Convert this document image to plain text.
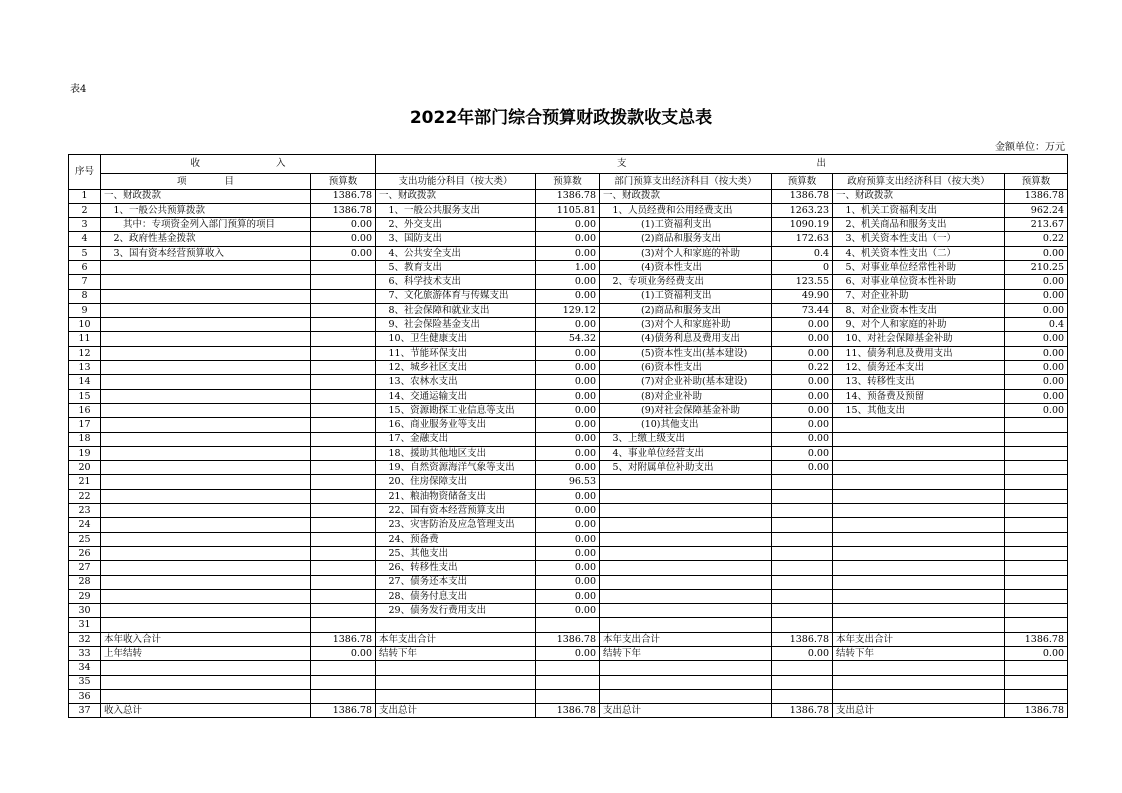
表4
2022年部门综合预算财政拨款收支总表
金额单位：万元
序号	收　　　　　　　　入		支　　　　　　　　　　　　　　　　　　　　出					
	项　　　　目	预算数	支出功能分科目（按大类）	预算数	部门预算支出经济科目（按大类）	预算数	政府预算支出经济科目（按大类）	预算数
1	一、财政拨款	1386.78	一、财政拨款	1386.78	一、财政拨款	1386.78	一、财政拨款	1386.78
2	　1、一般公共预算拨款	1386.78	　1、一般公共服务支出	1105.81	　1、人员经费和公用经费支出	1263.23	　1、机关工资福利支出	962.24
3	　　其中：专项资金列入部门预算的项目	0.00	　2、外交支出	0.00	　　　　(1)工资福利支出	1090.19	　2、机关商品和服务支出	213.67
4	　2、政府性基金拨款	0.00	　3、国防支出	0.00	　　　　(2)商品和服务支出	172.63	　3、机关资本性支出（一）	0.22
5	　3、国有资本经营预算收入	0.00	　4、公共安全支出	0.00	　　　　(3)对个人和家庭的补助	0.4	　4、机关资本性支出（二）	0.00
6			　5、教育支出	1.00	　　　　(4)资本性支出	0	　5、对事业单位经常性补助	210.25
7			　6、科学技术支出	0.00	　2、专项业务经费支出	123.55	　6、对事业单位资本性补助	0.00
8			　7、文化旅游体育与传媒支出	0.00	　　　　(1)工资福利支出	49.90	　7、对企业补助	0.00
9			　8、社会保障和就业支出	129.12	　　　　(2)商品和服务支出	73.44	　8、对企业资本性支出	0.00
10			　9、社会保险基金支出	0.00	　　　　(3)对个人和家庭补助	0.00	　9、对个人和家庭的补助	0.4
11			　10、卫生健康支出	54.32	　　　　(4)债务利息及费用支出	0.00	　10、对社会保障基金补助	0.00
12			　11、节能环保支出	0.00	　　　　(5)资本性支出(基本建设)	0.00	　11、债务利息及费用支出	0.00
13			　12、城乡社区支出	0.00	　　　　(6)资本性支出	0.22	　12、债务还本支出	0.00
14			　13、农林水支出	0.00	　　　　(7)对企业补助(基本建设)	0.00	　13、转移性支出	0.00
15			　14、交通运输支出	0.00	　　　　(8)对企业补助	0.00	　14、预备费及预留	0.00
16			　15、资源勘探工业信息等支出	0.00	　　　　(9)对社会保障基金补助	0.00	　15、其他支出	0.00
17			　16、商业服务业等支出	0.00	　　　　(10)其他支出	0.00		
18			　17、金融支出	0.00	　3、上缴上级支出	0.00		
19			　18、援助其他地区支出	0.00	　4、事业单位经营支出	0.00		
20			　19、自然资源海洋气象等支出	0.00	　5、对附属单位补助支出	0.00		
21			　20、住房保障支出	96.53				
22			　21、粮油物资储备支出	0.00				
23			　22、国有资本经营预算支出	0.00				
24			　23、灾害防治及应急管理支出	0.00				
25			　24、预备费	0.00				
26			　25、其他支出	0.00				
27			　26、转移性支出	0.00				
28			　27、债务还本支出	0.00				
29			　28、债务付息支出	0.00				
30			　29、债务发行费用支出	0.00				
31								
32	本年收入合计	1386.78	本年支出合计	1386.78	本年支出合计	1386.78	本年支出合计	1386.78
33	上年结转	0.00	结转下年	0.00	结转下年	0.00	结转下年	0.00
34								
35								
36								
37	收入总计	1386.78	支出总计	1386.78	支出总计	1386.78	支出总计	1386.78
